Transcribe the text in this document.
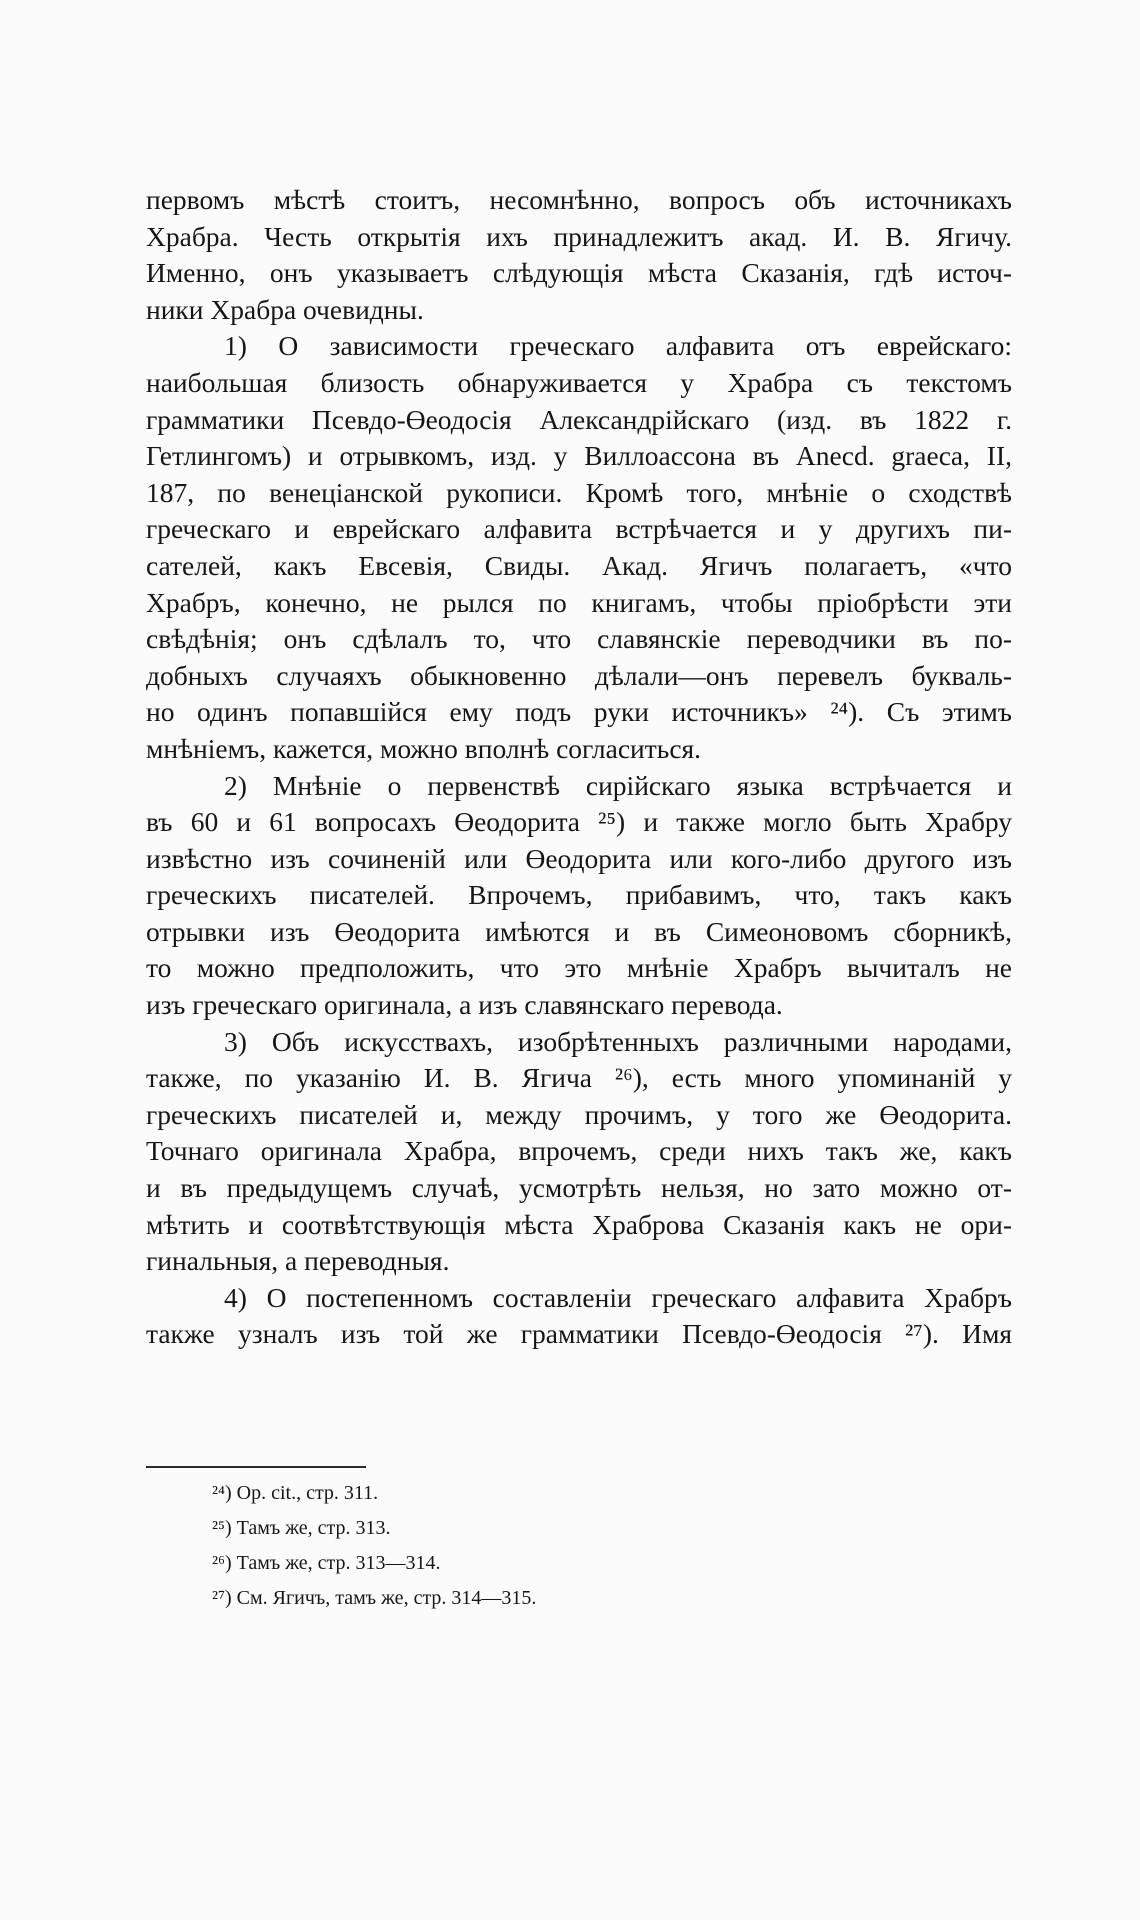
первомъ мѣстѣ стоитъ, несомнѣнно, вопросъ объ источникахъ
Храбра. Честь открытія ихъ принадлежитъ акад. И. В. Ягичу.
Именно, онъ указываетъ слѣдующія мѣста Сказанія, гдѣ источ-
ники Храбра очевидны.
1) О зависимости греческаго алфавита отъ еврейскаго:
наибольшая близость обнаруживается у Храбра съ текстомъ
грамматики Псевдо-Өеодосія Александрійскаго (изд. въ 1822 г.
Гетлингомъ) и отрывкомъ, изд. у Виллоассона въ Anecd. graeca, II,
187, по венеціанской рукописи. Кромѣ того, мнѣніе о сходствѣ
греческаго и еврейскаго алфавита встрѣчается и у другихъ пи-
сателей, какъ Евсевія, Свиды. Акад. Ягичъ полагаетъ, «что
Храбръ, конечно, не рылся по книгамъ, чтобы пріобрѣсти эти
свѣдѣнія; онъ сдѣлалъ то, что славянскіе переводчики въ по-
добныхъ случаяхъ обыкновенно дѣлали—онъ перевелъ букваль-
но одинъ попавшійся ему подъ руки источникъ» ²⁴). Съ этимъ
мнѣніемъ, кажется, можно вполнѣ согласиться.
2) Мнѣніе о первенствѣ сирійскаго языка встрѣчается и
въ 60 и 61 вопросахъ Өеодорита ²⁵) и также могло быть Храбру
извѣстно изъ сочиненій или Өеодорита или кого-либо другого изъ
греческихъ писателей. Впрочемъ, прибавимъ, что, такъ какъ
отрывки изъ Өеодорита имѣются и въ Симеоновомъ сборникѣ,
то можно предположить, что это мнѣніе Храбръ вычиталъ не
изъ греческаго оригинала, а изъ славянскаго перевода.
3) Объ искусствахъ, изобрѣтенныхъ различными народами,
также, по указанію И. В. Ягича ²⁶), есть много упоминаній у
греческихъ писателей и, между прочимъ, у того же Өеодорита.
Точнаго оригинала Храбра, впрочемъ, среди нихъ такъ же, какъ
и въ предыдущемъ случаѣ, усмотрѣть нельзя, но зато можно от-
мѣтить и соотвѣтствующія мѣста Храброва Сказанія какъ не ори-
гинальныя, а переводныя.
4) О постепенномъ составленіи греческаго алфавита Храбръ
также узналъ изъ той же грамматики Псевдо-Өеодосія ²⁷). Имя
²⁴) Op. cit., стр. 311.
²⁵) Тамъ же, стр. 313.
²⁶) Тамъ же, стр. 313—314.
²⁷) См. Ягичъ, тамъ же, стр. 314—315.
